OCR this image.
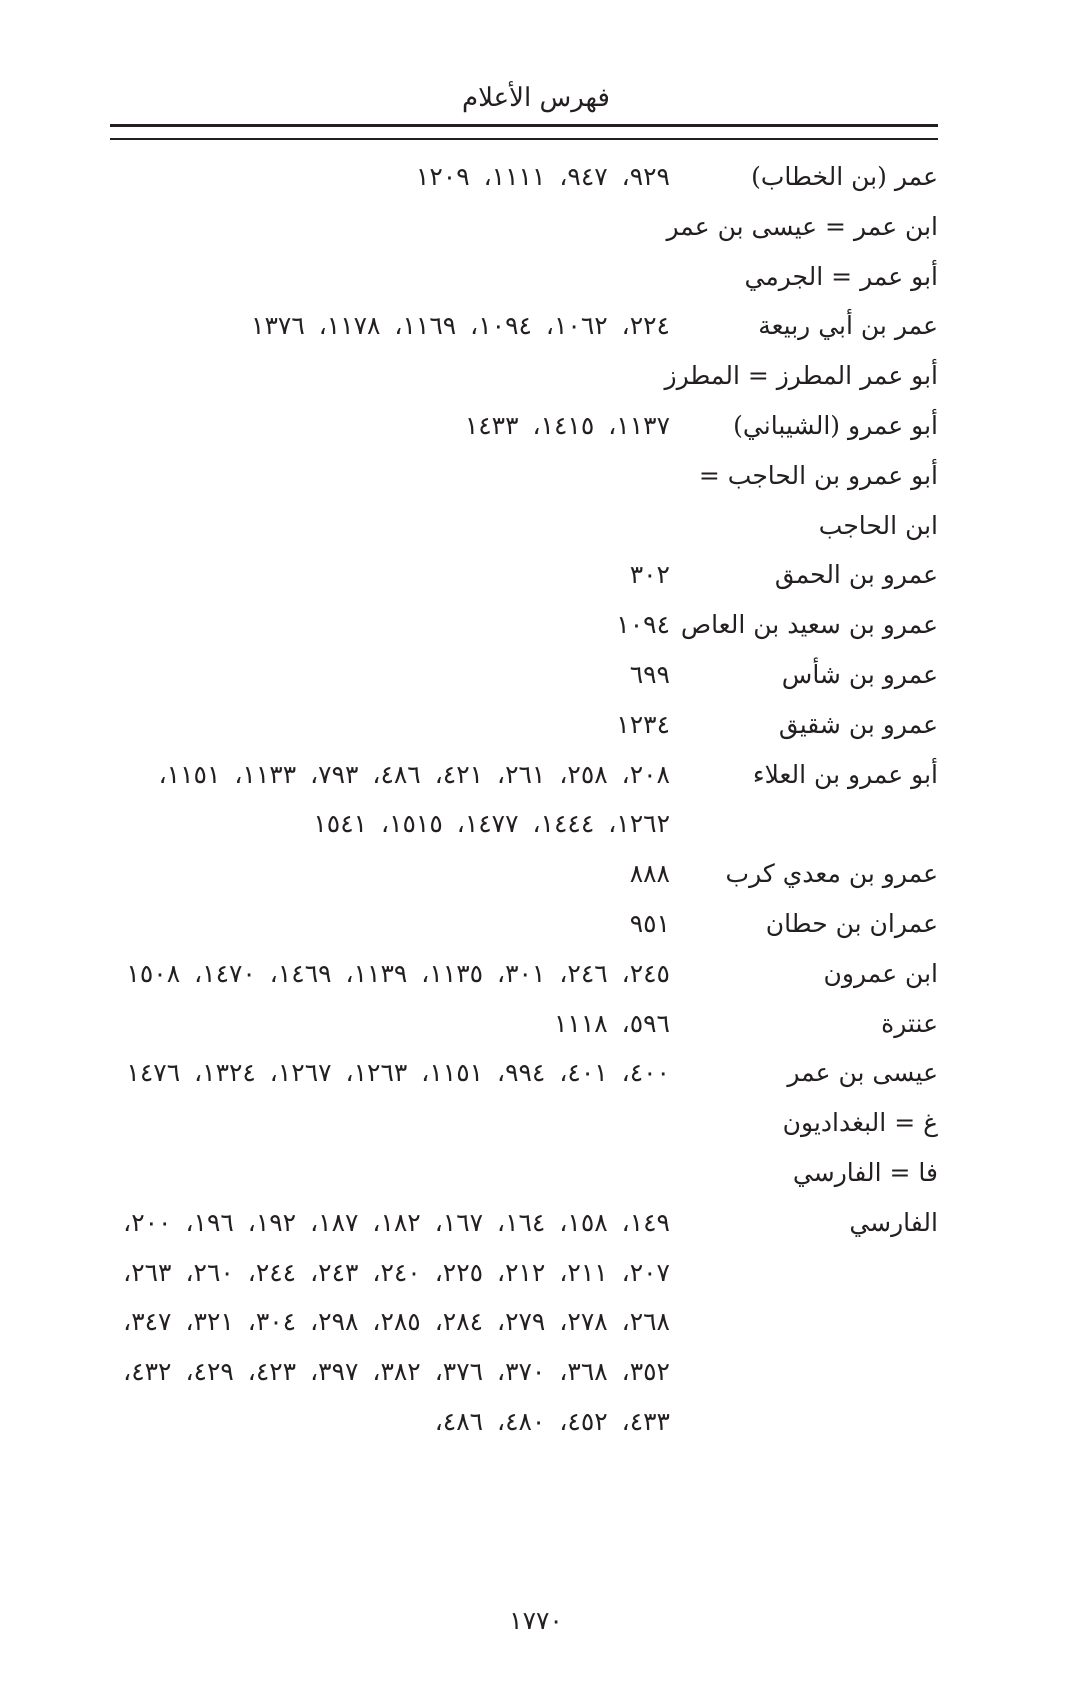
فهرس الأعلام
عمر (بن الخطاب)
٩٢٩، ٩٤٧، ١١١١، ١٢٠٩
ابن عمر = عيسى بن عمر
أبو عمر = الجرمي
عمر بن أبي ربيعة
٢٢٤، ١٠٦٢، ١٠٩٤، ١١٦٩، ١١٧٨، ١٣٧٦
أبو عمر المطرز = المطرز
أبو عمرو (الشيباني)
١١٣٧، ١٤١٥، ١٤٣٣
أبو عمرو بن الحاجب = ابن الحاجب
عمرو بن الحمق
٣٠٢
عمرو بن سعيد بن العاص
١٠٩٤
عمرو بن شأس
٦٩٩
عمرو بن شقيق
١٢٣٤
أبو عمرو بن العلاء
٢٠٨، ٢٥٨، ٢٦١، ٤٢١، ٤٨٦، ٧٩٣، ١١٣٣، ١١٥١، ١٢٦٢، ١٤٤٤، ١٤٧٧، ١٥١٥، ١٥٤١
عمرو بن معدي كرب
٨٨٨
عمران بن حطان
٩٥١
ابن عمرون
٢٤٥، ٢٤٦، ٣٠١، ١١٣٥، ١١٣٩، ١٤٦٩، ١٤٧٠، ١٥٠٨
عنترة
٥٩٦، ١١١٨
عيسى بن عمر
٤٠٠، ٤٠١، ٩٩٤، ١١٥١، ١٢٦٣، ١٢٦٧، ١٣٢٤، ١٤٧٦
غ = البغداديون
فا = الفارسي
الفارسي
١٤٩، ١٥٨، ١٦٤، ١٦٧، ١٨٢، ١٨٧، ١٩٢، ١٩٦، ٢٠٠، ٢٠٧، ٢١١، ٢١٢، ٢٢٥، ٢٤٠، ٢٤٣، ٢٤٤، ٢٦٠، ٢٦٣، ٢٦٨، ٢٧٨، ٢٧٩، ٢٨٤، ٢٨٥، ٢٩٨، ٣٠٤، ٣٢١، ٣٤٧، ٣٥٢، ٣٦٨، ٣٧٠، ٣٧٦، ٣٨٢، ٣٩٧، ٤٢٣، ٤٢٩، ٤٣٢، ٤٣٣، ٤٥٢، ٤٨٠، ٤٨٦،
١٧٧٠
